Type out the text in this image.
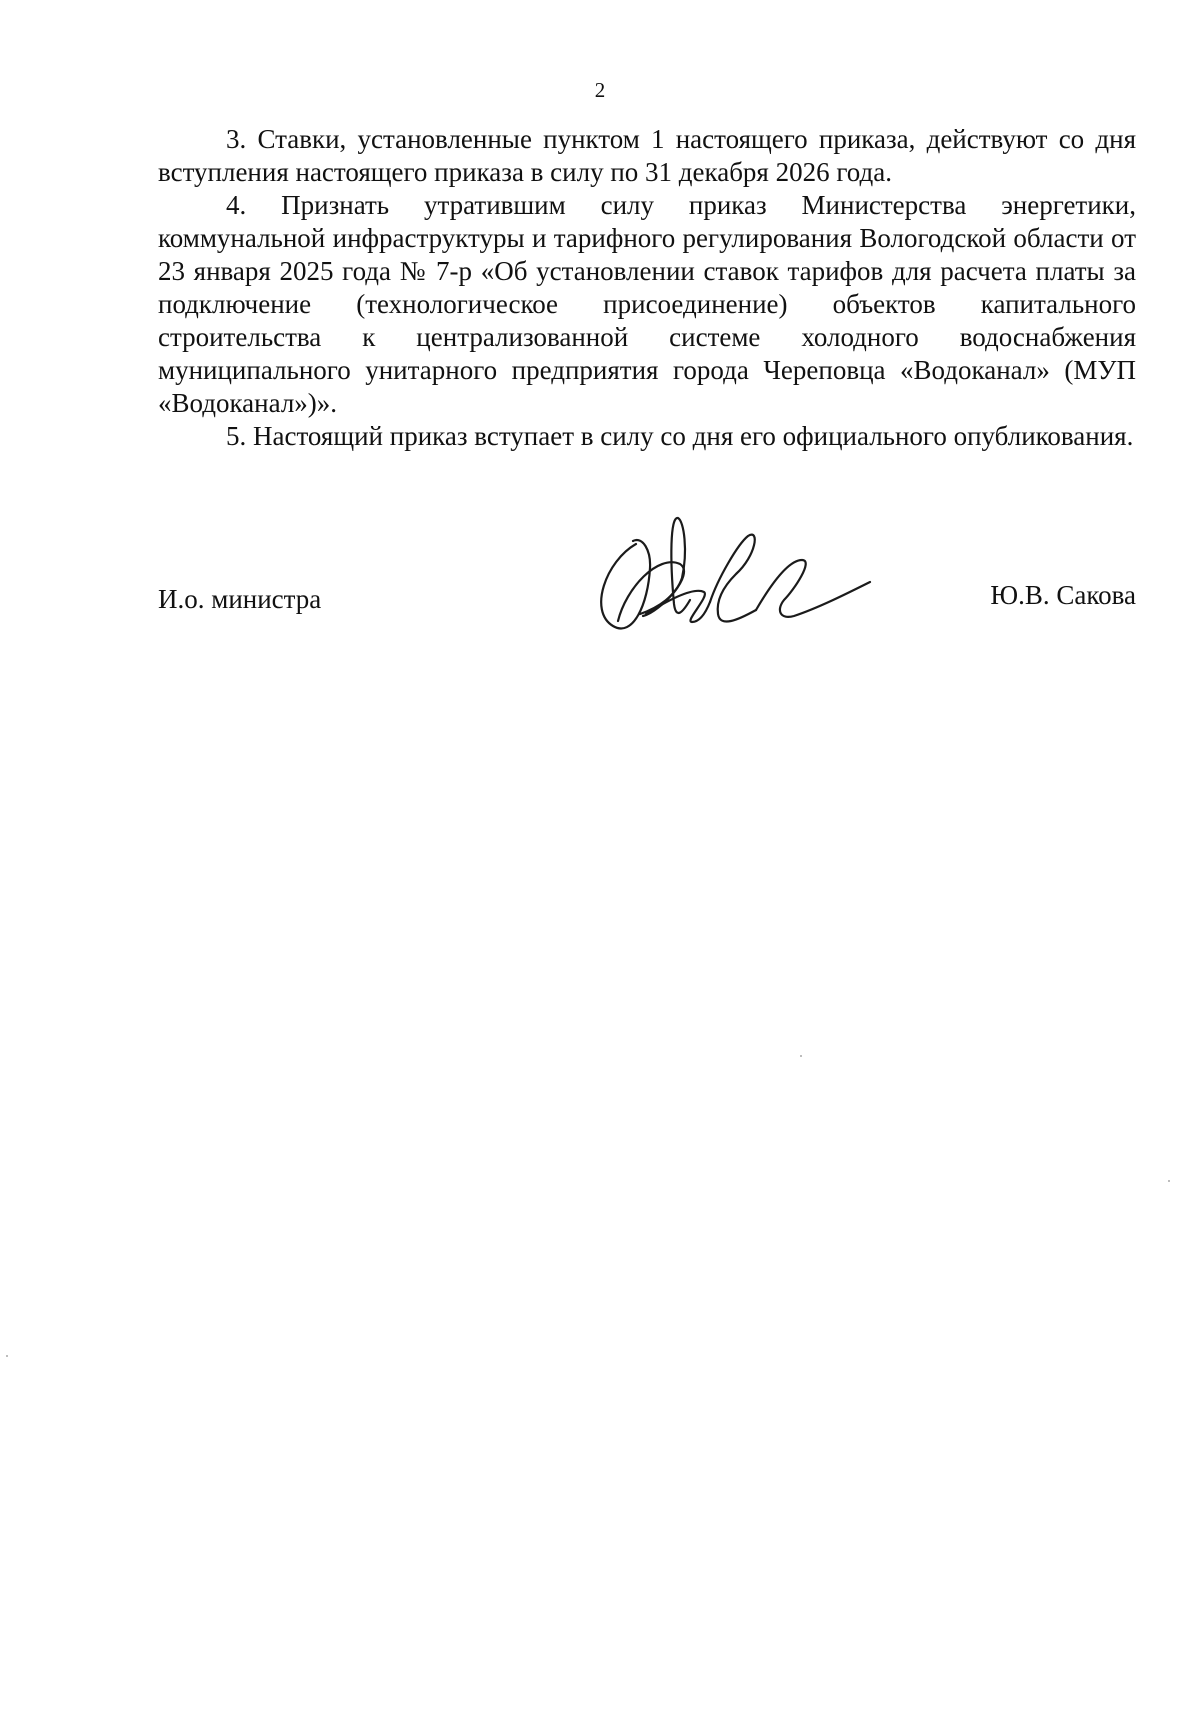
2

3. Ставки, установленные пунктом 1 настоящего приказа, действуют со дня вступления настоящего приказа в силу по 31 декабря 2026 года.

4. Признать утратившим силу приказ Министерства энергетики, коммунальной инфраструктуры и тарифного регулирования Вологодской области от 23 января 2025 года № 7-р «Об установлении ставок тарифов для расчета платы за подключение (технологическое присоединение) объектов капитального строительства к централизованной системе холодного водоснабжения муниципального унитарного предприятия города Череповца «Водоканал» (МУП «Водоканал»)».

5. Настоящий приказ вступает в силу со дня его официального опубликования.

И.о. министра	Ю.В. Сакова
